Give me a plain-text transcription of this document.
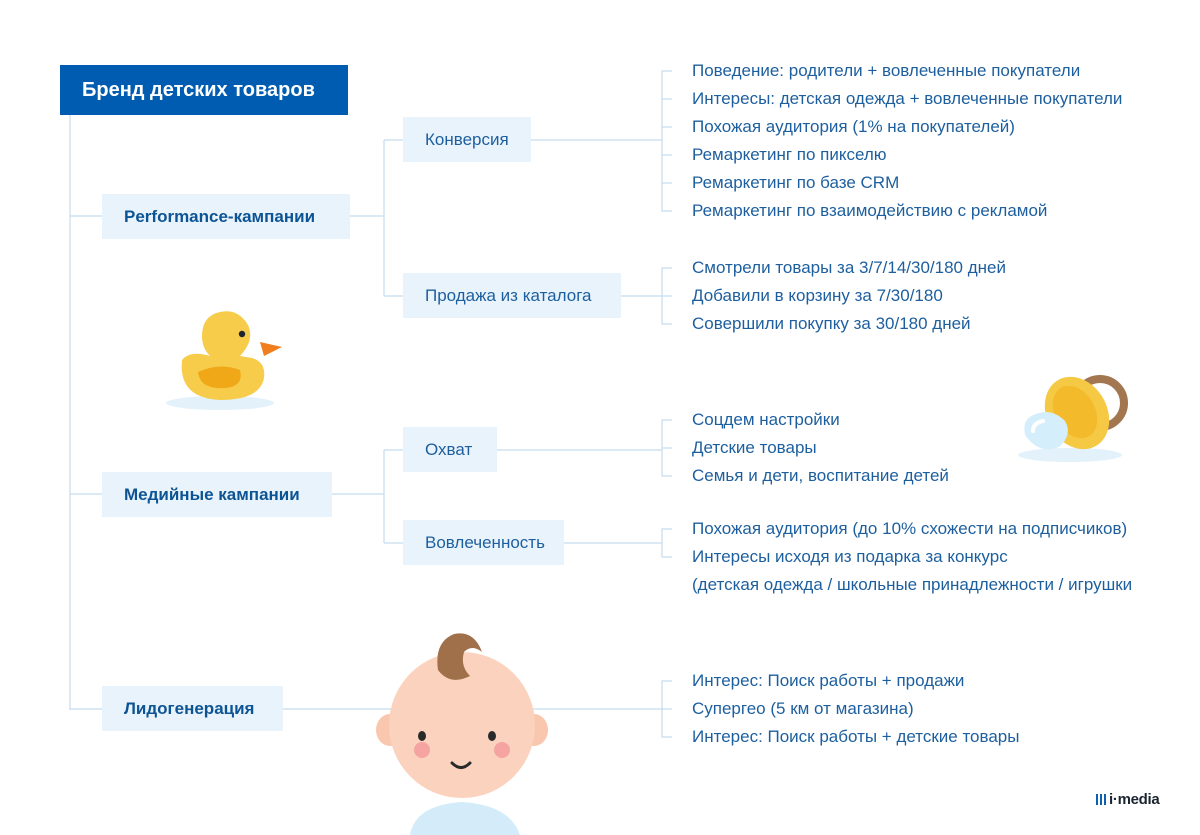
Бренд детских товаров
Performance-кампании
Медийные кампании
Лидогенерация
Конверсия
Продажа из каталога
Охват
Вовлеченность
Поведение: родители + вовлеченные покупатели
Интересы: детская одежда + вовлеченные покупатели
Похожая аудитория (1% на покупателей)
Ремаркетинг по пикселю
Ремаркетинг по базе CRM
Ремаркетинг по взаимодействию с рекламой
Смотрели товары за 3/7/14/30/180 дней
Добавили в корзину за 7/30/180
Совершили покупку за 30/180 дней
Соцдем настройки
Детские товары
Семья и дети, воспитание детей
Похожая аудитория (до 10% схожести на подписчиков)
Интересы исходя из подарка за конкурс
(детская одежда / школьные принадлежности / игрушки
Интерес: Поиск работы + продажи
Супергео (5 км от магазина)
Интерес: Поиск работы + детские товары
i·media
